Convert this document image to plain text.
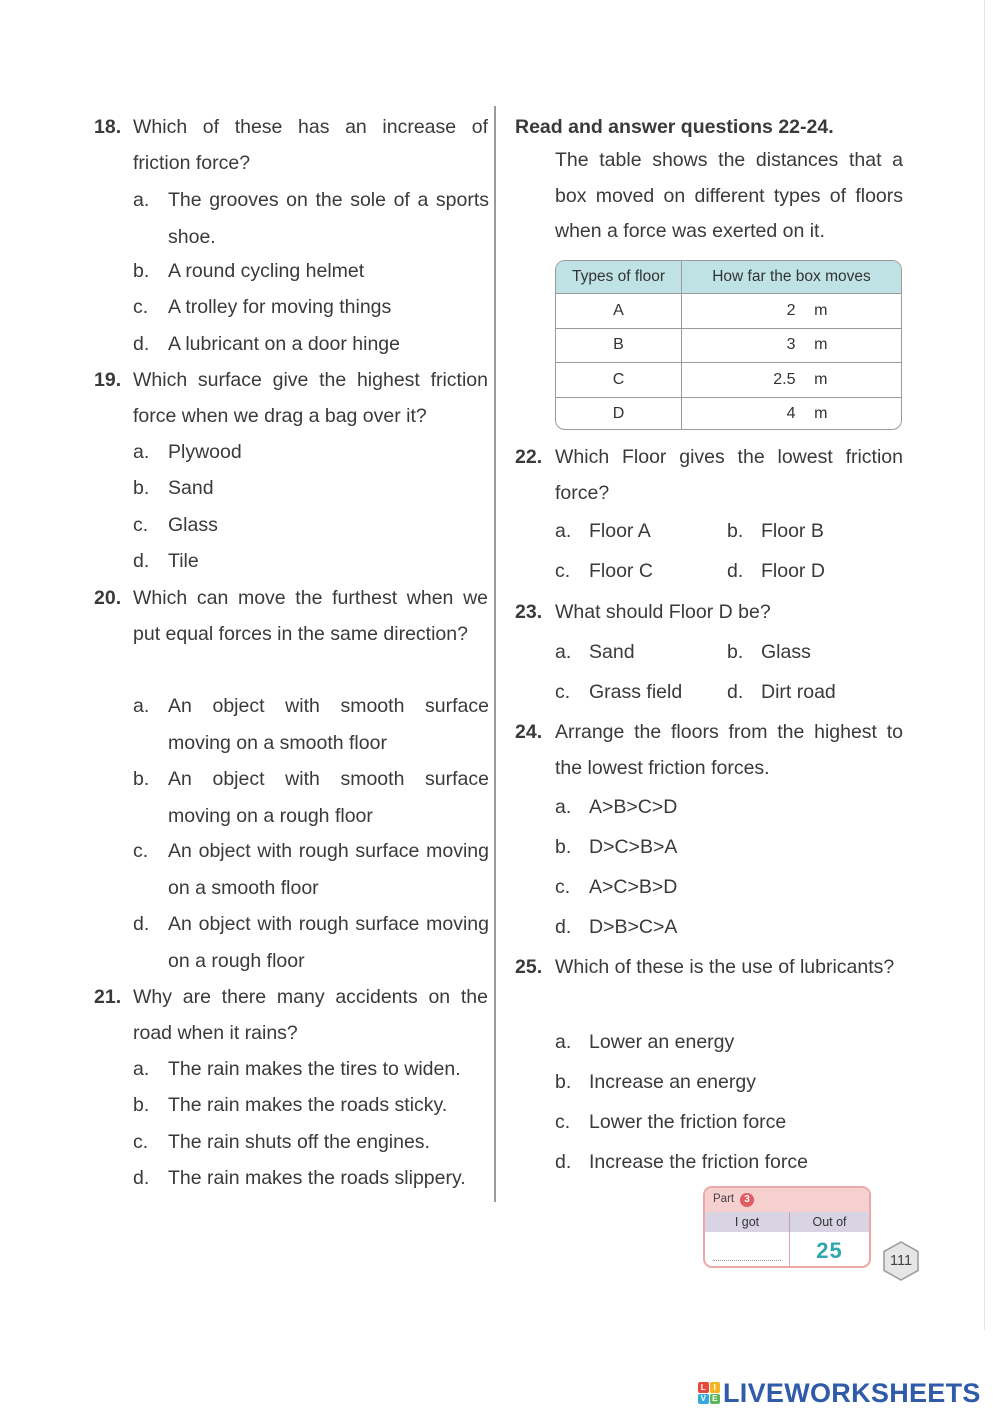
18. Which of these has an increase of friction force?
a. The grooves on the sole of a sports shoe.
b. A round cycling helmet
c. A trolley for moving things
d. A lubricant on a door hinge
19. Which surface give the highest friction force when we drag a bag over it?
a. Plywood
b. Sand
c. Glass
d. Tile
20. Which can move the furthest when we put equal forces in the same direction?
a. An object with smooth surface moving on a smooth floor
b. An object with smooth surface moving on a rough floor
c. An object with rough surface moving on a smooth floor
d. An object with rough surface moving on a rough floor
21. Why are there many accidents on the road when it rains?
a. The rain makes the tires to widen.
b. The rain makes the roads sticky.
c. The rain shuts off the engines.
d. The rain makes the roads slippery.
Read and answer questions 22-24.
The table shows the distances that a box moved on different types of floors when a force was exerted on it.
Types of floor	How far the box moves
A	2	m
B	3	m
C	2.5	m
D	4	m
22. Which Floor gives the lowest friction force?
a. Floor A	b. Floor B
c. Floor C	d. Floor D
23. What should Floor D be?
a. Sand	b. Glass
c. Grass field	d. Dirt road
24. Arrange the floors from the highest to the lowest friction forces.
a. A>B>C>D
b. D>C>B>A
c. A>C>B>D
d. D>B>C>A
25. Which of these is the use of lubricants?
a. Lower an energy
b. Increase an energy
c. Lower the friction force
d. Increase the friction force
Part	3
I got	Out of
25	111
L I
V E LIVEWORKSHEETS
